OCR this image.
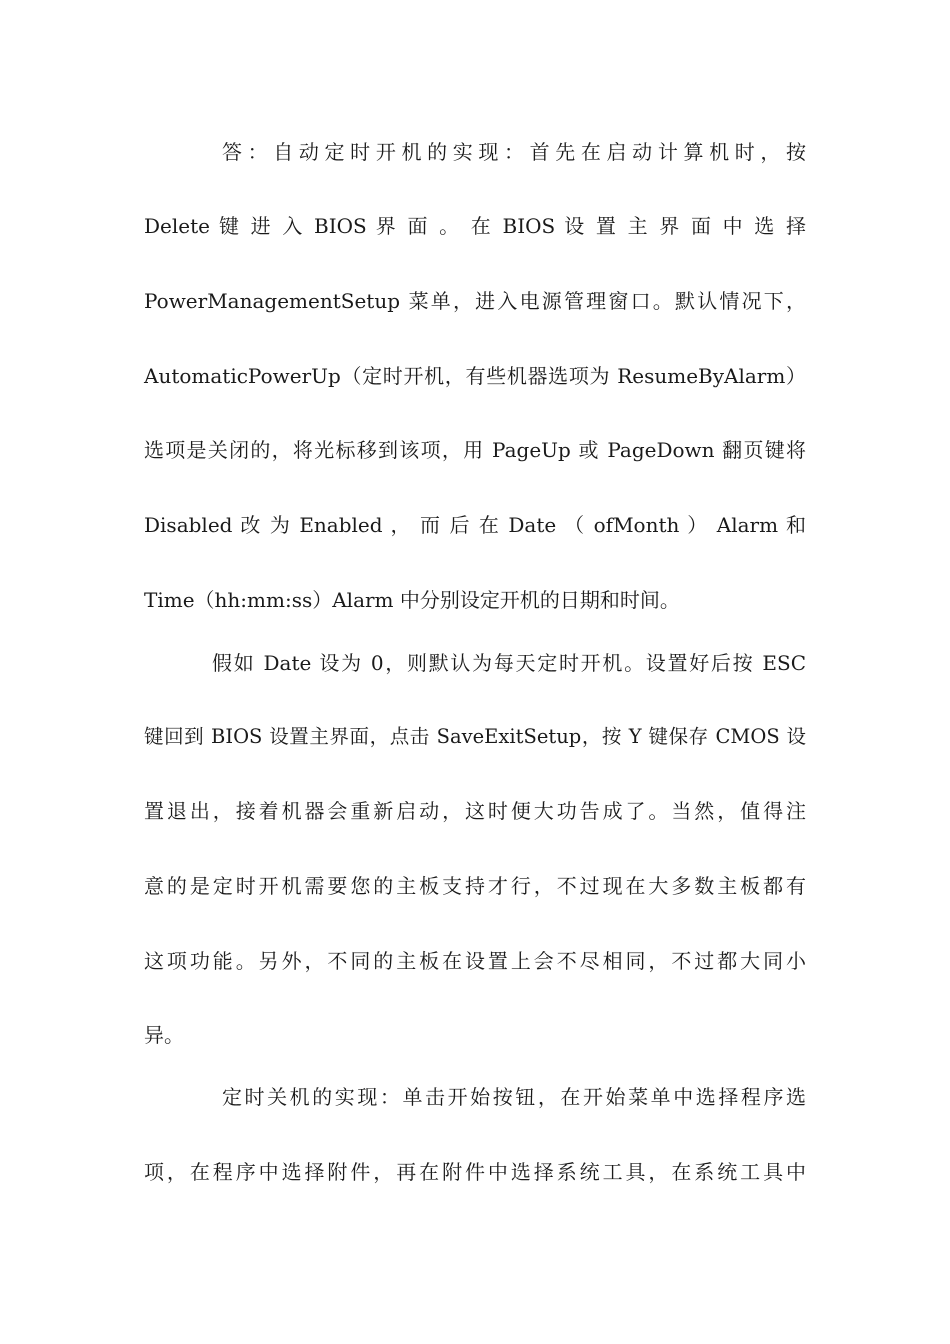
答：自动定时开机的实现：首先在启动计算机时，按
Delete 键 进 入 BIOS 界 面 。 在 BIOS 设 置 主 界 面 中 选 择
PowerManagementSetup 菜单，进入电源管理窗口。默认情况下，
AutomaticPowerUp（定时开机，有些机器选项为 ResumeByAlarm）
选项是关闭的，将光标移到该项，用 PageUp 或 PageDown 翻页键将
Disabled 改 为 Enabled ， 而 后 在 Date （ ofMonth ） Alarm 和
Time（hh:mm:ss）Alarm 中分别设定开机的日期和时间。
假如 Date 设为 0，则默认为每天定时开机。设置好后按 ESC
键回到 BIOS 设置主界面，点击 SaveExitSetup，按 Y 键保存 CMOS 设
置退出，接着机器会重新启动，这时便大功告成了。当然，值得注
意的是定时开机需要您的主板支持才行，不过现在大多数主板都有
这项功能。另外，不同的主板在设置上会不尽相同，不过都大同小
异。
定时关机的实现：单击开始按钮，在开始菜单中选择程序选
项，在程序中选择附件，再在附件中选择系统工具，在系统工具中
